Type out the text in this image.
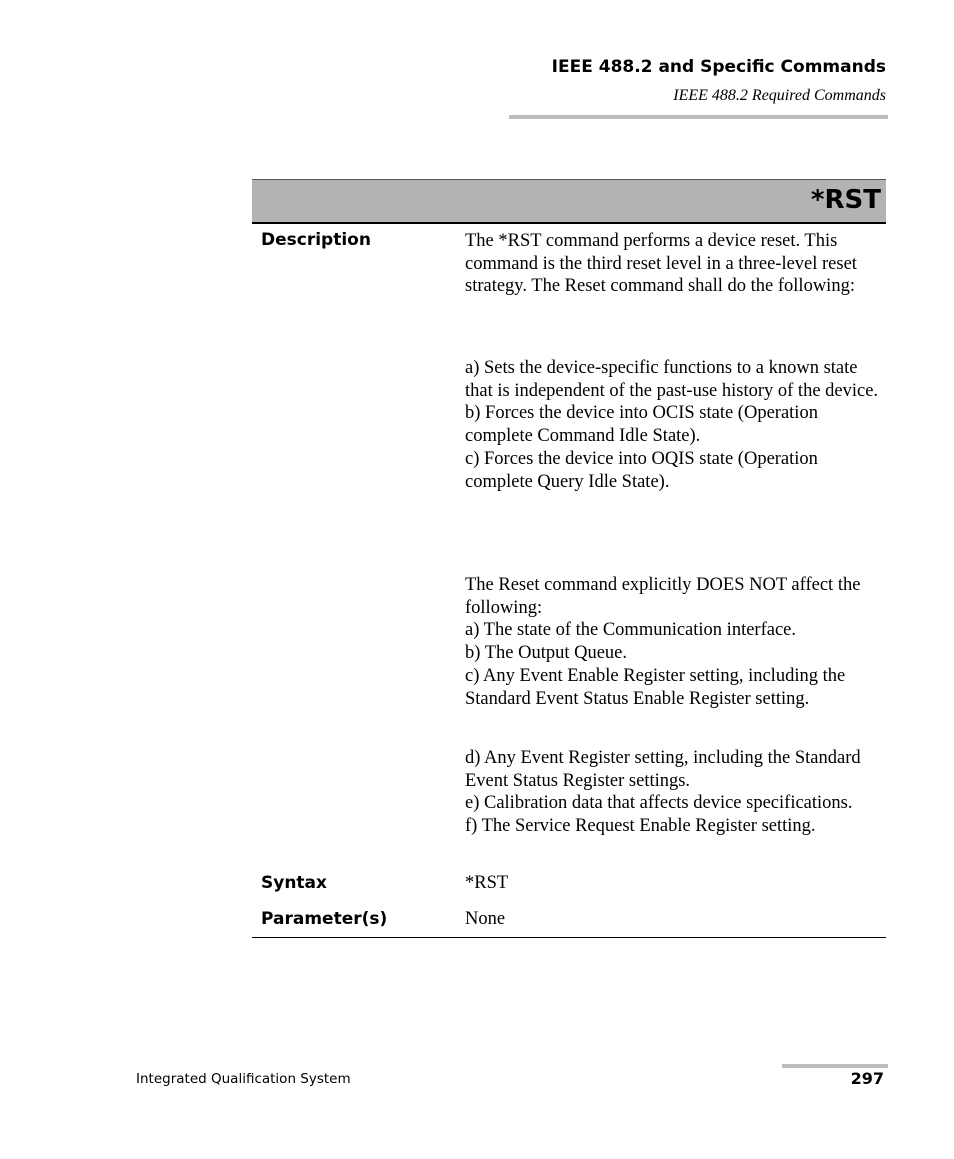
IEEE 488.2 and Specific Commands
IEEE 488.2 Required Commands
*RST
Description	The *RST command performs a device reset. This command is the third reset level in a three-level reset strategy. The Reset command shall do the following:

a) Sets the device-specific functions to a known state that is independent of the past-use history of the device.

b) Forces the device into OCIS state (Operation complete Command Idle State).

c) Forces the device into OQIS state (Operation complete Query Idle State).

The Reset command explicitly DOES NOT affect the following:

a) The state of the Communication interface.

b) The Output Queue.

c) Any Event Enable Register setting, including the Standard Event Status Enable Register setting.

d) Any Event Register setting, including the Standard Event Status Register settings.

e) Calibration data that affects device specifications.

f) The Service Request Enable Register setting.

Syntax	*RST
Parameter(s)	None
Integrated Qualification System	297
